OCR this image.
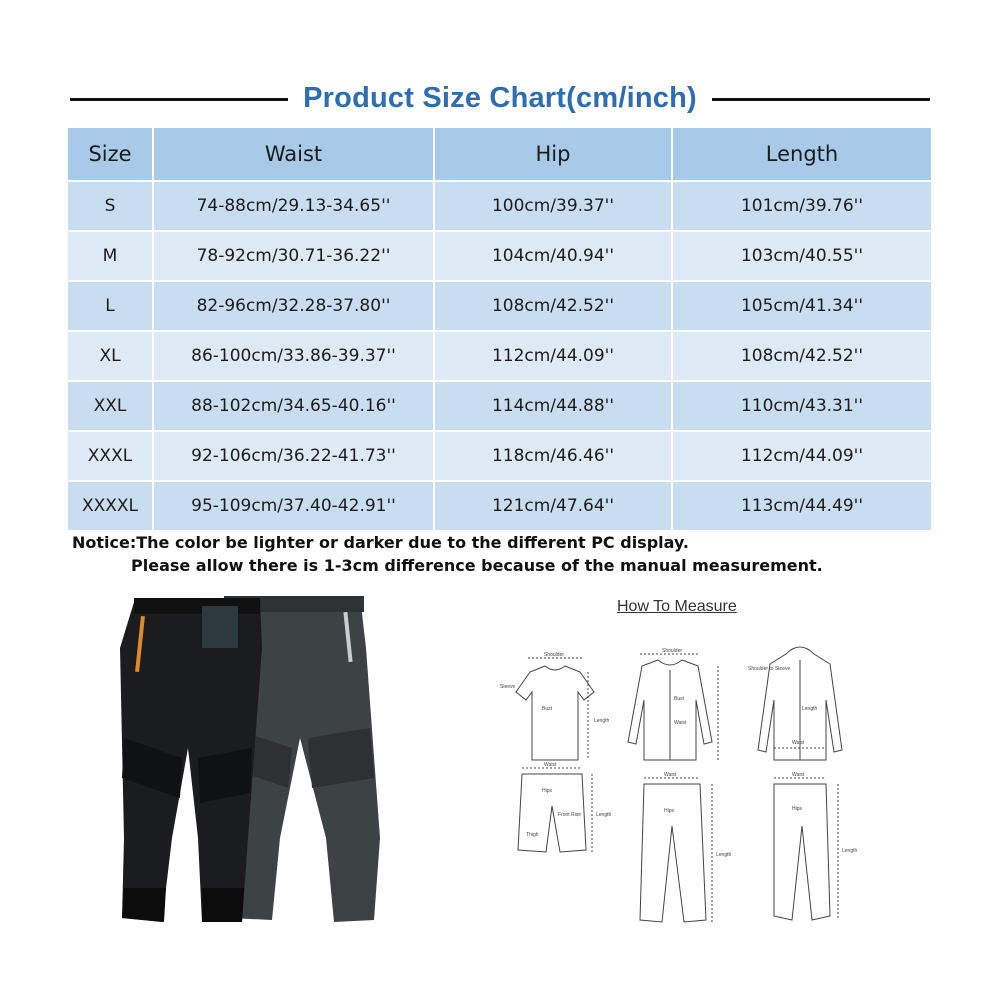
Product Size Chart(cm/inch)
Size	Waist	Hip	Length
S	74-88cm/29.13-34.65''	100cm/39.37''	101cm/39.76''
M	78-92cm/30.71-36.22''	104cm/40.94''	103cm/40.55''
L	82-96cm/32.28-37.80''	108cm/42.52''	105cm/41.34''
XL	86-100cm/33.86-39.37''	112cm/44.09''	108cm/42.52''
XXL	88-102cm/34.65-40.16''	114cm/44.88''	110cm/43.31''
XXXL	92-106cm/36.22-41.73''	118cm/46.46''	112cm/44.09''
XXXXL	95-109cm/37.40-42.91''	121cm/47.64''	113cm/44.49''
Notice:The color be lighter or darker due to the different PC display.
Please allow there is 1-3cm difference because of the manual measurement.
How To Measure
Shoulder
Bust
Length
Sleeve
Waist
Hips
Front Rise
Thigh
Length
Shoulder
Bust
Waist
Waist
Hips
Length
Length
Waist
Shoulder to Sleeve
Waist
Hips
Length
